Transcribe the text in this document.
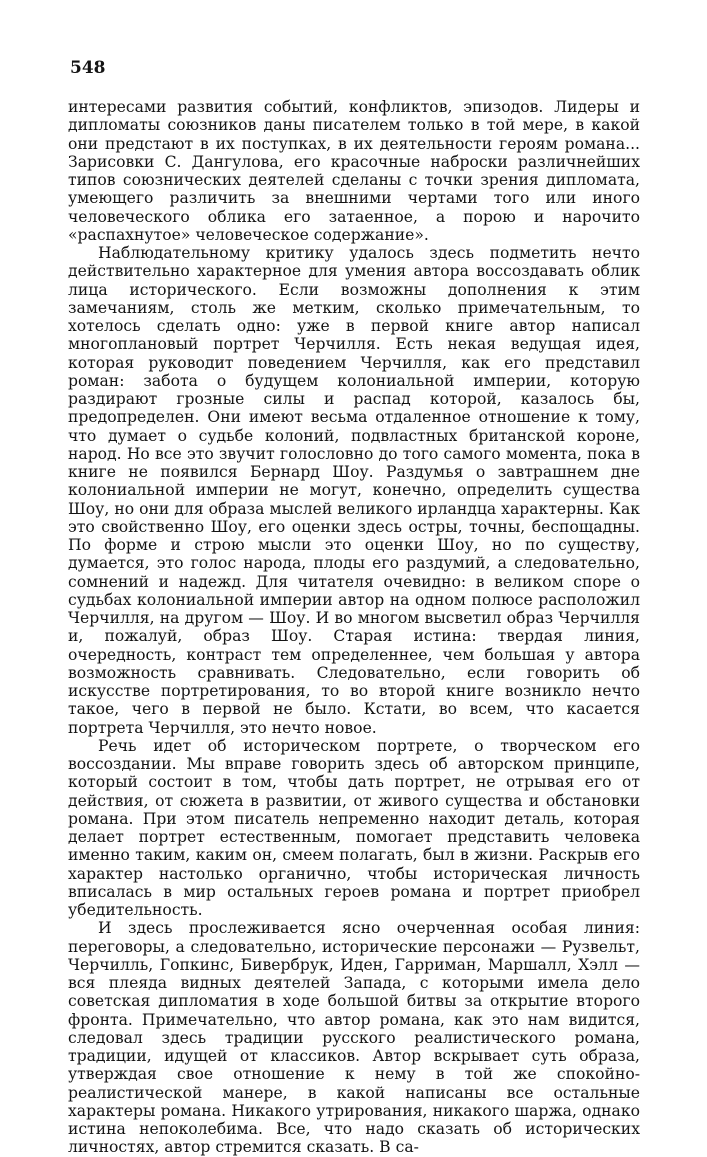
548

интересами развития событий, конфликтов, эпизодов. Лидеры и дипломаты союзников даны писателем только в той мере, в какой они предстают в их поступках, в их деятельности героям романа... Зарисовки С. Дангулова, его красочные наброски различнейших типов союзнических деятелей сделаны с точки зрения дипломата, умеющего различить за внешними чертами того или иного человеческого облика его затаенное, а порою и нарочито «распахнутое» человеческое содержание».

Наблюдательному критику удалось здесь подметить нечто действительно характерное для умения автора воссоздавать облик лица исторического. Если возможны дополнения к этим замечаниям, столь же метким, сколько примечательным, то хотелось сделать одно: уже в первой книге автор написал многоплановый портрет Черчилля. Есть некая ведущая идея, которая руководит поведением Черчилля, как его представил роман: забота о будущем колониальной империи, которую раздирают грозные силы и распад которой, казалось бы, предопределен. Они имеют весьма отдаленное отношение к тому, что думает о судьбе колоний, подвластных британской короне, народ. Но все это звучит голословно до того самого момента, пока в книге не появился Бернард Шоу. Раздумья о завтрашнем дне колониальной империи не могут, конечно, определить существа Шоу, но они для образа мыслей великого ирландца характерны. Как это свойственно Шоу, его оценки здесь остры, точны, беспощадны. По форме и строю мысли это оценки Шоу, но по существу, думается, это голос народа, плоды его раздумий, а следовательно, сомнений и надежд. Для читателя очевидно: в великом споре о судьбах колониальной империи автор на одном полюсе расположил Черчилля, на другом — Шоу. И во многом высветил образ Черчилля и, пожалуй, образ Шоу. Старая истина: твердая линия, очередность, контраст тем определеннее, чем большая у автора возможность сравнивать. Следовательно, если говорить об искусстве портретирования, то во второй книге возникло нечто такое, чего в первой не было. Кстати, во всем, что касается портрета Черчилля, это нечто новое.

Речь идет об историческом портрете, о творческом его воссоздании. Мы вправе говорить здесь об авторском принципе, который состоит в том, чтобы дать портрет, не отрывая его от действия, от сюжета в развитии, от живого существа и обстановки романа. При этом писатель непременно находит деталь, которая делает портрет естественным, помогает представить человека именно таким, каким он, смеем полагать, был в жизни. Раскрыв его характер настолько органично, чтобы историческая личность вписалась в мир остальных героев романа и портрет приобрел убедительность.

И здесь прослеживается ясно очерченная особая линия: переговоры, а следовательно, исторические персонажи — Рузвельт, Черчилль, Гопкинс, Бивербрук, Иден, Гарриман, Маршалл, Хэлл — вся плеяда видных деятелей Запада, с которыми имела дело советская дипломатия в ходе большой битвы за открытие второго фронта. Примечательно, что автор романа, как это нам видится, следовал здесь традиции русского реалистического романа, традиции, идущей от классиков. Автор вскрывает суть образа, утверждая свое отношение к нему в той же спокойно-реалистической манере, в какой написаны все остальные характеры романа. Никакого утрирования, никакого шаржа, однако истина непоколебима. Все, что надо сказать об исторических личностях, автор стремится сказать. В са-
